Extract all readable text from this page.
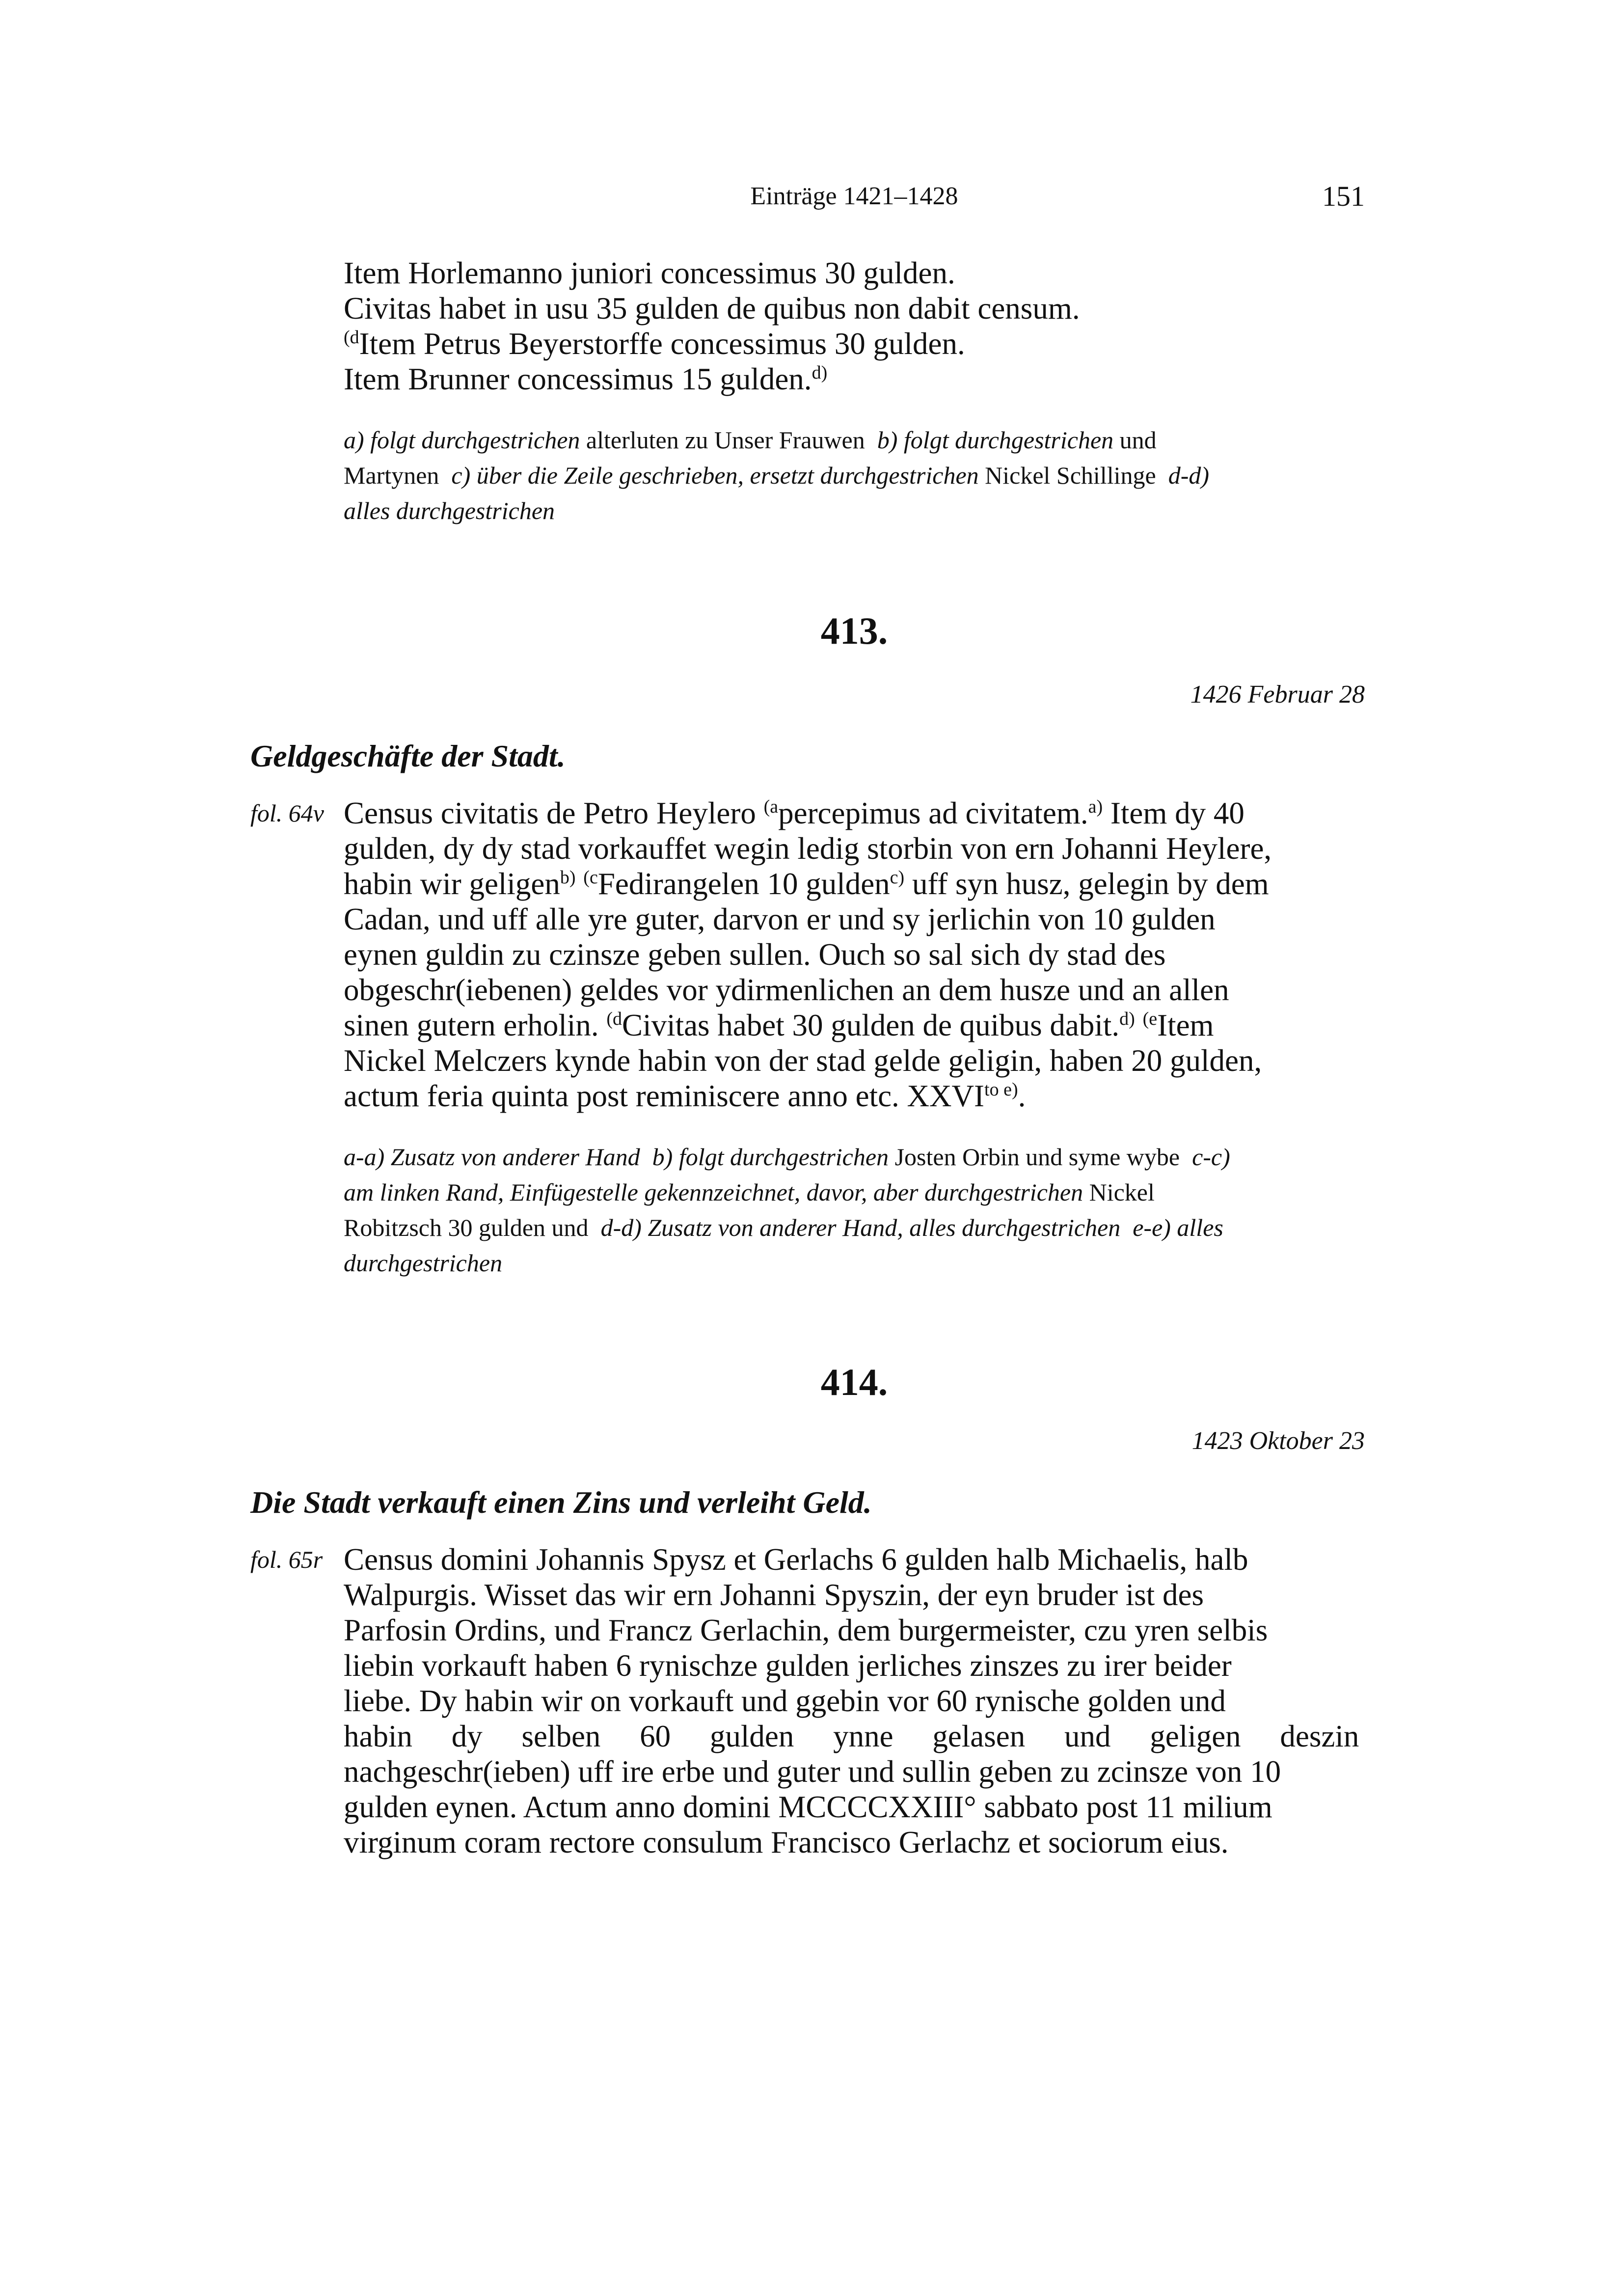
Einträge 1421–1428	151

Item Horlemanno juniori concessimus 30 gulden.
Civitas habet in usu 35 gulden de quibus non dabit censum.
$^{(d}$Item Petrus Beyerstorffe concessimus 30 gulden.
Item Brunner concessimus 15 gulden.$^{d)}$

a) folgt durchgestrichen alterluten zu Unser Frauwen b) folgt durchgestrichen und
Martynen c) über die Zeile geschrieben, ersetzt durchgestrichen Nickel Schillinge d-d)
alles durchgestrichen

413.
1426 Februar 28
Geldgeschäfte der Stadt.
fol. 64v Census civitatis de Petro Heylero $^{(a}$percepimus ad civitatem.$^{a)}$ Item dy 40
gulden, dy dy stad vorkauffet wegin ledig storbin von ern Johanni Heylere,
habin wir geligen$^{b)}$ $^{(c}$Fedirangelen 10 gulden$^{c)}$ uff syn husz, gelegin by dem
Cadan, und uff alle yre guter, darvon er und sy jerlichin von 10 gulden
eynen guldin zu czinsze geben sullen. Ouch so sal sich dy stad des
obgeschr(iebenen) geldes vor ydirmenlichen an dem husze und an allen
sinen gutern erholin. $^{(d}$Civitas habet 30 gulden de quibus dabit.$^{d)}$ $^{(e}$Item
Nickel Melczers kynde habin von der stad gelde geligin, haben 20 gulden,
actum feria quinta post reminiscere anno etc. $XXVI^{to e)}$.

a-a) Zusatz von anderer Hand b) folgt durchgestrichen Josten Orbin und syme wybe c-c)
am linken Rand, Einfügestelle gekennzeichnet, davor, aber durchgestrichen Nickel
Robitzsch 30 gulden und d-d) Zusatz von anderer Hand, alles durchgestrichen e-e) alles
durchgestrichen

414.
1423 Oktober 23
Die Stadt verkauft einen Zins und verleiht Geld.
fol. 65r Census domini Johannis Spysz et Gerlachs 6 gulden halb Michaelis, halb
Walpurgis. Wisset das wir ern Johanni Spyszin, der eyn bruder ist des
Parfosin Ordins, und Francz Gerlachin, dem burgermeister, czu yren selbis
liebin vorkauft haben 6 rynischze gulden jerliches zinszes zu irer beider
liebe. Dy habin wir on vorkauft und ggebin vor 60 rynische golden und
habin dy selben 60 gulden ynne gelasen und geligen deszin
nachgeschr(ieben) uff ire erbe und guter und sullin geben zu zcinsze von 10
gulden eynen. Actum anno domini MCCCCXXIII° sabbato post 11 milium
virginum coram rectore consulum Francisco Gerlachz et sociorum eius.
